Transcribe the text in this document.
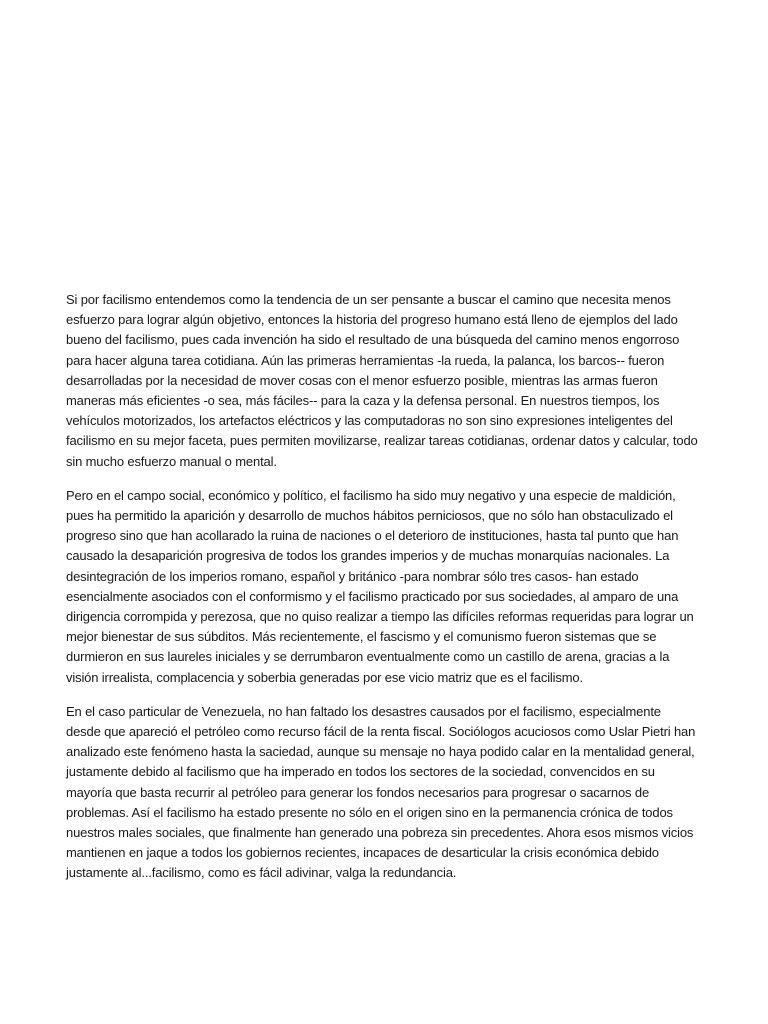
Si por facilismo entendemos como la tendencia de un ser pensante a buscar el camino que necesita menos esfuerzo para lograr algún objetivo, entonces la historia del progreso humano está lleno de ejemplos del lado bueno del facilismo, pues cada invención ha sido el resultado de una búsqueda del camino menos engorroso para hacer alguna tarea cotidiana. Aún las primeras herramientas -la rueda, la palanca, los barcos-- fueron desarrolladas por la necesidad de mover cosas con el menor esfuerzo posible, mientras las armas fueron maneras más eficientes -o sea, más fáciles-- para la caza y la defensa personal. En nuestros tiempos, los vehículos motorizados, los artefactos eléctricos y las computadoras no son sino expresiones inteligentes del facilismo en su mejor faceta, pues permiten movilizarse, realizar tareas cotidianas, ordenar datos y calcular, todo sin mucho esfuerzo manual o mental.

Pero en el campo social, económico y político, el facilismo ha sido muy negativo y una especie de maldición, pues ha permitido la aparición y desarrollo de muchos hábitos perniciosos, que no sólo han obstaculizado el progreso sino que han acollarado la ruina de naciones o el deterioro de instituciones, hasta tal punto que han causado la desaparición progresiva de todos los grandes imperios y de muchas monarquías nacionales. La desintegración de los imperios romano, español y británico -para nombrar sólo tres casos- han estado esencialmente asociados con el conformismo y el facilismo practicado por sus sociedades, al amparo de una dirigencia corrompida y perezosa, que no quiso realizar a tiempo las difíciles reformas requeridas para lograr un mejor bienestar de sus súbditos. Más recientemente, el fascismo y el comunismo fueron sistemas que se durmieron en sus laureles iniciales y se derrumbaron eventualmente como un castillo de arena, gracias a la visión irrealista, complacencia y soberbia generadas por ese vicio matriz que es el facilismo.

En el caso particular de Venezuela, no han faltado los desastres causados por el facilismo, especialmente desde que apareció el petróleo como recurso fácil de la renta fiscal. Sociólogos acuciosos como Uslar Pietri han analizado este fenómeno hasta la saciedad, aunque su mensaje no haya podido calar en la mentalidad general, justamente debido al facilismo que ha imperado en todos los sectores de la sociedad, convencidos en su mayoría que basta recurrir al petróleo para generar los fondos necesarios para progresar o sacarnos de problemas. Así el facilismo ha estado presente no sólo en el origen sino en la permanencia crónica de todos nuestros males sociales, que finalmente han generado una pobreza sin precedentes. Ahora esos mismos vicios mantienen en jaque a todos los gobiernos recientes, incapaces de desarticular la crisis económica debido justamente al...facilismo, como es fácil adivinar, valga la redundancia.
